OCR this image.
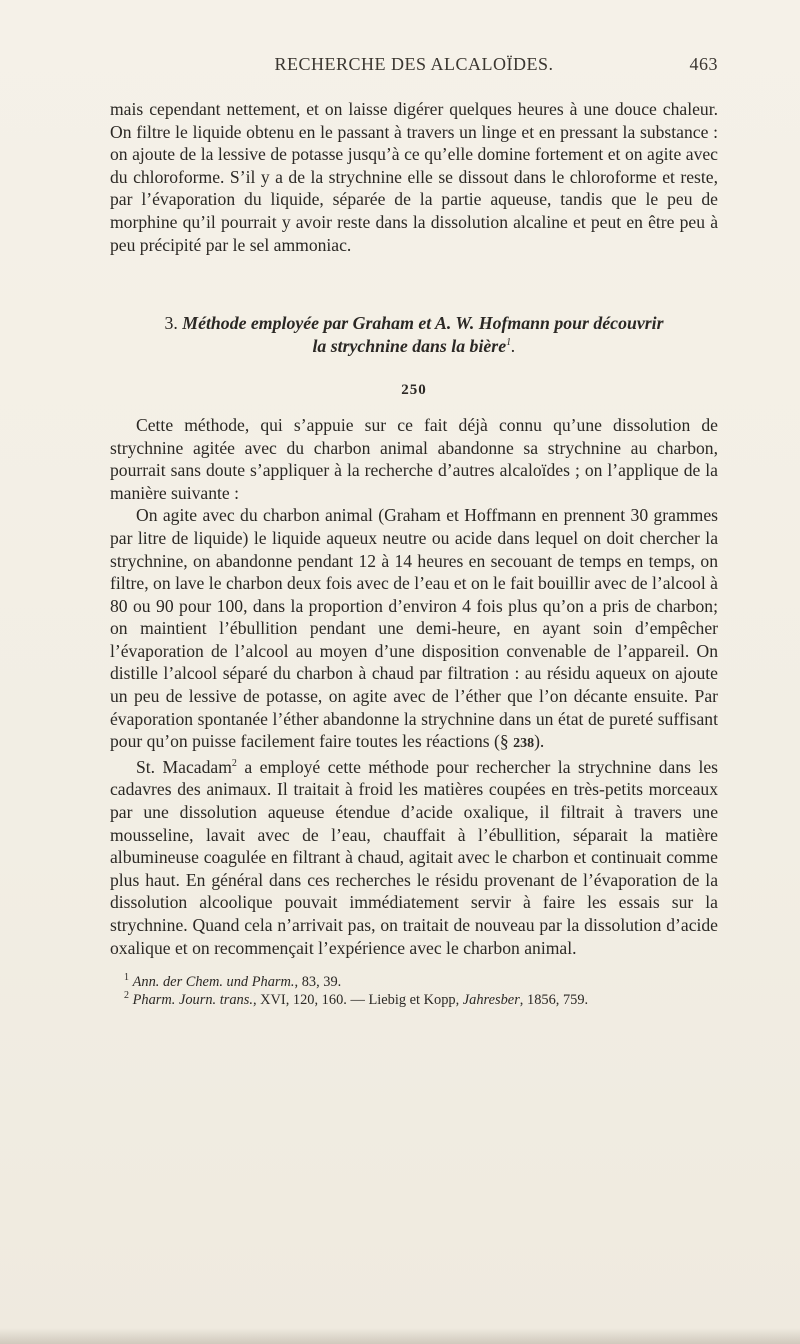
RECHERCHE DES ALCALOÏDES.	463

mais cependant nettement, et on laisse digérer quelques heures à une douce chaleur. On filtre le liquide obtenu en le passant à travers un linge et en pressant la substance : on ajoute de la lessive de potasse jusqu’à ce qu’elle domine fortement et on agite avec du chloroforme. S’il y a de la strychnine elle se dissout dans le chloroforme et reste, par l’évaporation du liquide, séparée de la partie aqueuse, tandis que le peu de morphine qu’il pourrait y avoir reste dans la dissolution alcaline et peut en être peu à peu précipité par le sel ammoniac.

3. Méthode employée par Graham et A. W. Hofmann pour découvrir
la strychnine dans la bière$^1$.
250

Cette méthode, qui s’appuie sur ce fait déjà connu qu’une dissolution de strychnine agitée avec du charbon animal abandonne sa strychnine au charbon, pourrait sans doute s’appliquer à la recherche d’autres alcaloïdes ; on l’applique de la manière suivante :

On agite avec du charbon animal (Graham et Hoffmann en prennent 30 grammes par litre de liquide) le liquide aqueux neutre ou acide dans lequel on doit chercher la strychnine, on abandonne pendant 12 à 14 heures en secouant de temps en temps, on filtre, on lave le charbon deux fois avec de l’eau et on le fait bouillir avec de l’alcool à 80 ou 90 pour 100, dans la proportion d’environ 4 fois plus qu’on a pris de charbon; on maintient l’ébullition pendant une demi-heure, en ayant soin d’empêcher l’évaporation de l’alcool au moyen d’une disposition convenable de l’appareil. On distille l’alcool séparé du charbon à chaud par filtration : au résidu aqueux on ajoute un peu de lessive de potasse, on agite avec de l’éther que l’on décante ensuite. Par évaporation spontanée l’éther abandonne la strychnine dans un état de pureté suffisant pour qu’on puisse facilement faire toutes les réactions (§ 238).

St. Macadam$^2$ a employé cette méthode pour rechercher la strychnine dans les cadavres des animaux. Il traitait à froid les matières coupées en très-petits morceaux par une dissolution aqueuse étendue d’acide oxalique, il filtrait à travers une mousseline, lavait avec de l’eau, chauffait à l’ébullition, séparait la matière albumineuse coagulée en filtrant à chaud, agitait avec le charbon et continuait comme plus haut. En général dans ces recherches le résidu provenant de l’évaporation de la dissolution alcoolique pouvait immédiatement servir à faire les essais sur la strychnine. Quand cela n’arrivait pas, on traitait de nouveau par la dissolution d’acide oxalique et on recommençait l’expérience avec le charbon animal.

$^1$ Ann. der Chem. und Pharm., 83, 39.

$^2$ Pharm. Journ. trans., XVI, 120, 160. — Liebig et Kopp, Jahresber, 1856, 759.
